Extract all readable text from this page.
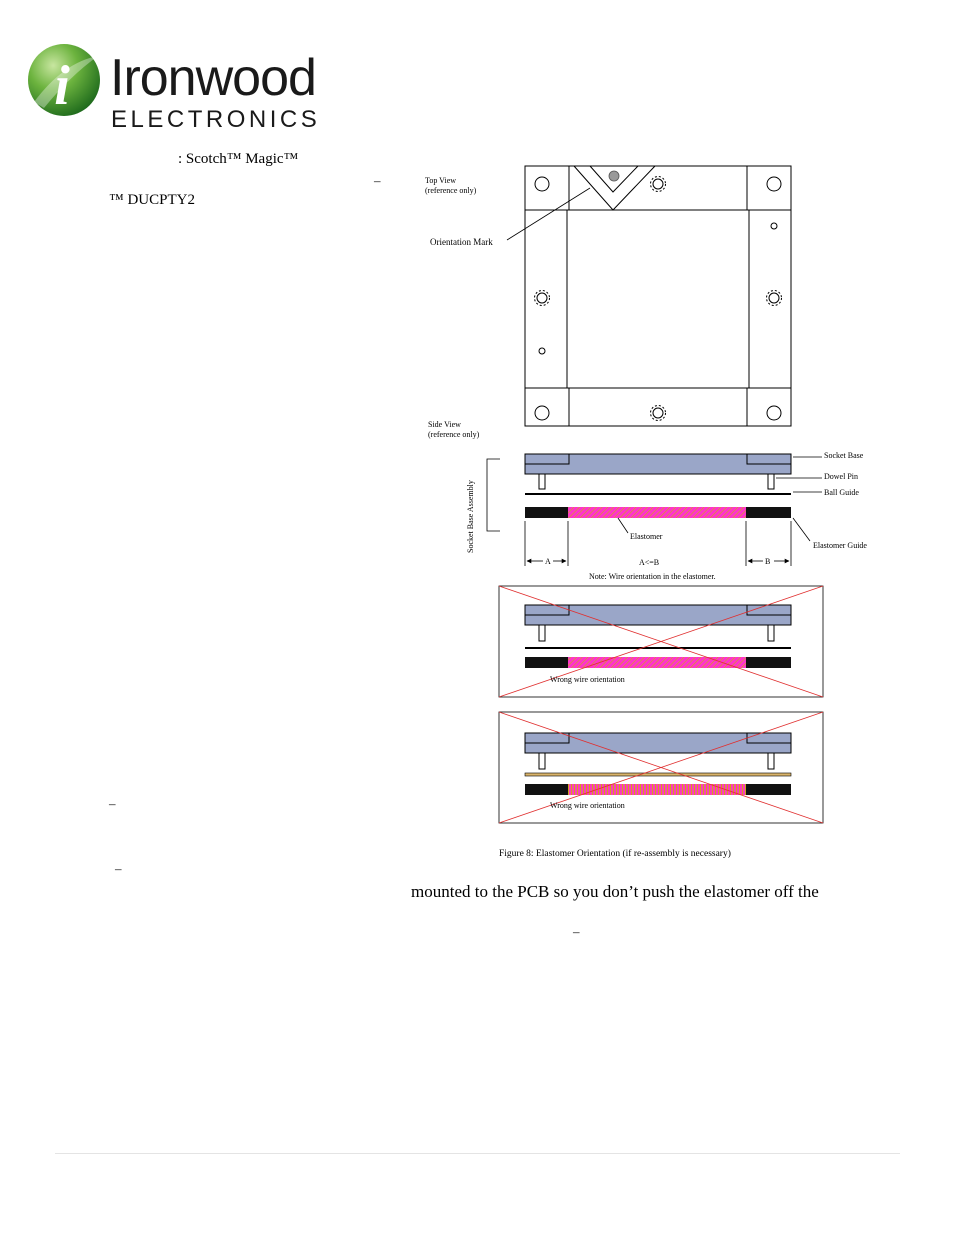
i Ironwood
ELECTRONICS
: Scotch™ Magic™
–
™ DUCPTY2
–
–
mounted to the PCB so you don’t push the elastomer off the
–
Top View
(reference only)
Orientation Mark
Side View
(reference only)
Socket Base Assembly
Socket Base
Dowel Pin
Ball Guide
Elastomer
Elastomer Guide
A	B
A<=B
Note: Wire orientation in the elastomer.
Wrong wire orientation
Wrong wire orientation
Figure 8: Elastomer Orientation (if re-assembly is necessary)
